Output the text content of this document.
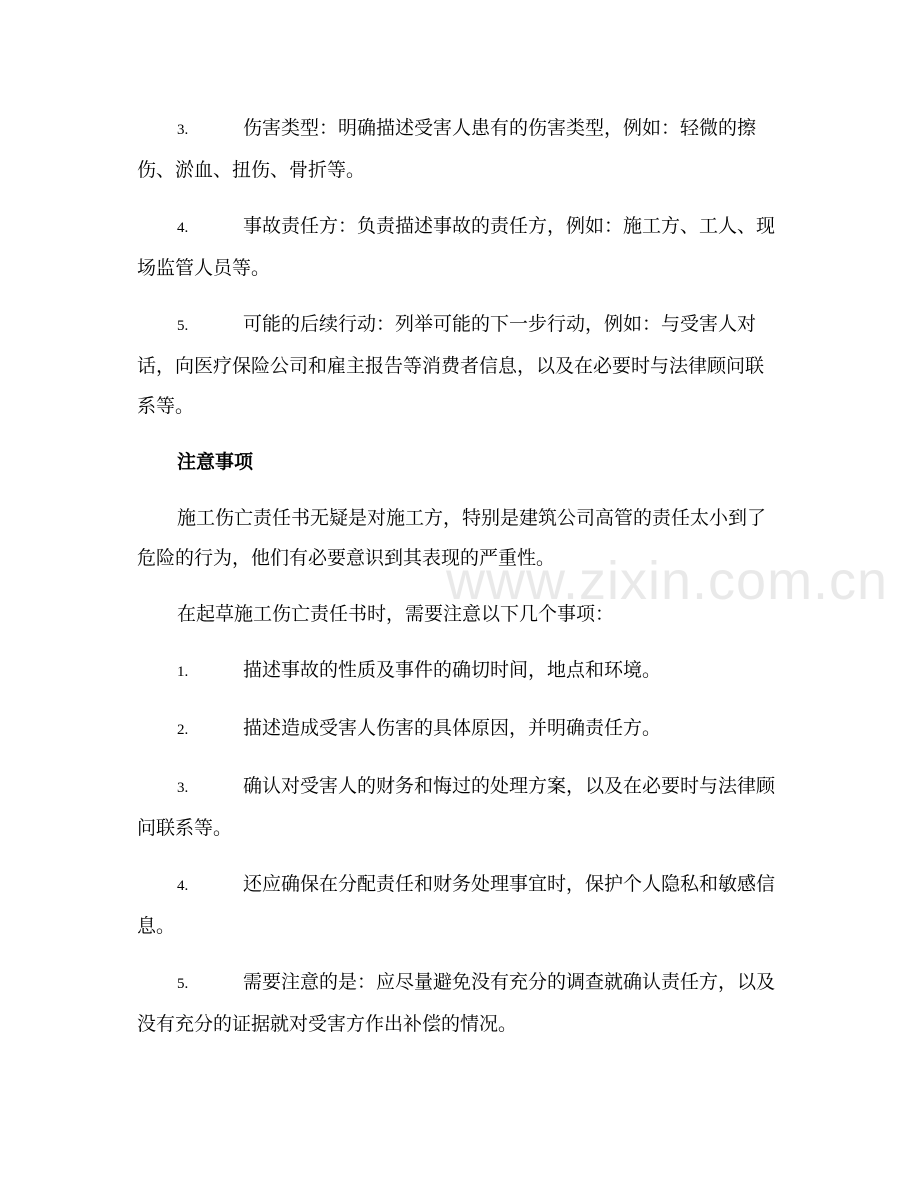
3.	伤害类型：明确描述受害人患有的伤害类型，例如：轻微的擦伤、淤血、扭伤、骨折等。
4.	事故责任方：负责描述事故的责任方，例如：施工方、工人、现场监管人员等。
5.	可能的后续行动：列举可能的下一步行动，例如：与受害人对话，向医疗保险公司和雇主报告等消费者信息，以及在必要时与法律顾问联系等。
注意事项
施工伤亡责任书无疑是对施工方，特别是建筑公司高管的责任太小到了危险的行为，他们有必要意识到其表现的严重性。
在起草施工伤亡责任书时，需要注意以下几个事项：
1.	描述事故的性质及事件的确切时间，地点和环境。
2.	描述造成受害人伤害的具体原因，并明确责任方。
3.	确认对受害人的财务和悔过的处理方案，以及在必要时与法律顾问联系等。
4.	还应确保在分配责任和财务处理事宜时，保护个人隐私和敏感信息。
5.	需要注意的是：应尽量避免没有充分的调查就确认责任方，以及没有充分的证据就对受害方作出补偿的情况。
www.zixin.com.cn
